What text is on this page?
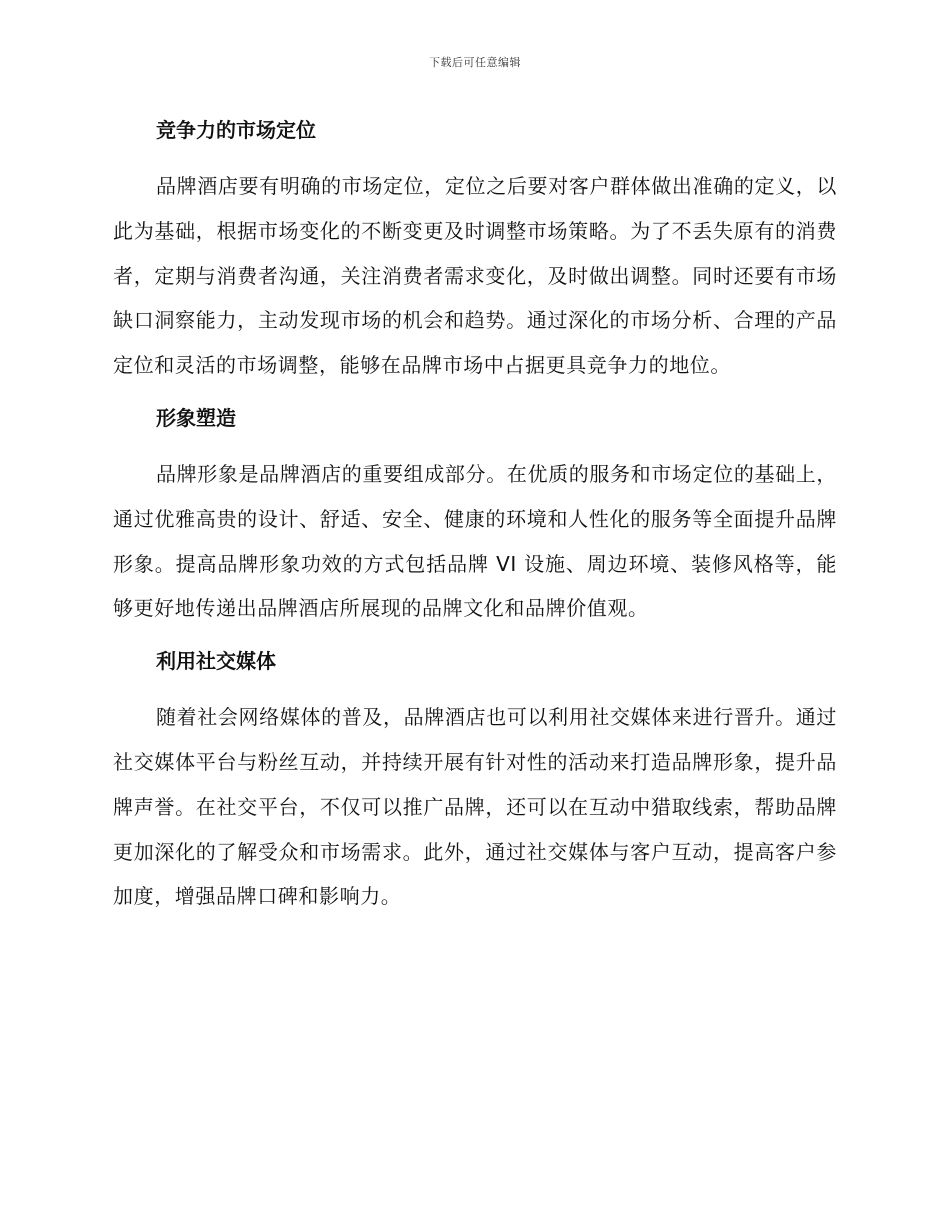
下载后可任意编辑
竞争力的市场定位

品牌酒店要有明确的市场定位，定位之后要对客户群体做出准确的定义，以此为基础，根据市场变化的不断变更及时调整市场策略。为了不丢失原有的消费者，定期与消费者沟通，关注消费者需求变化，及时做出调整。同时还要有市场缺口洞察能力，主动发现市场的机会和趋势。通过深化的市场分析、合理的产品定位和灵活的市场调整，能够在品牌市场中占据更具竞争力的地位。

形象塑造

品牌形象是品牌酒店的重要组成部分。在优质的服务和市场定位的基础上，通过优雅高贵的设计、舒适、安全、健康的环境和人性化的服务等全面提升品牌形象。提高品牌形象功效的方式包括品牌 VI 设施、周边环境、装修风格等，能够更好地传递出品牌酒店所展现的品牌文化和品牌价值观。

利用社交媒体

随着社会网络媒体的普及，品牌酒店也可以利用社交媒体来进行晋升。通过社交媒体平台与粉丝互动，并持续开展有针对性的活动来打造品牌形象，提升品牌声誉。在社交平台，不仅可以推广品牌，还可以在互动中猎取线索，帮助品牌更加深化的了解受众和市场需求。此外，通过社交媒体与客户互动，提高客户参加度，增强品牌口碑和影响力。
